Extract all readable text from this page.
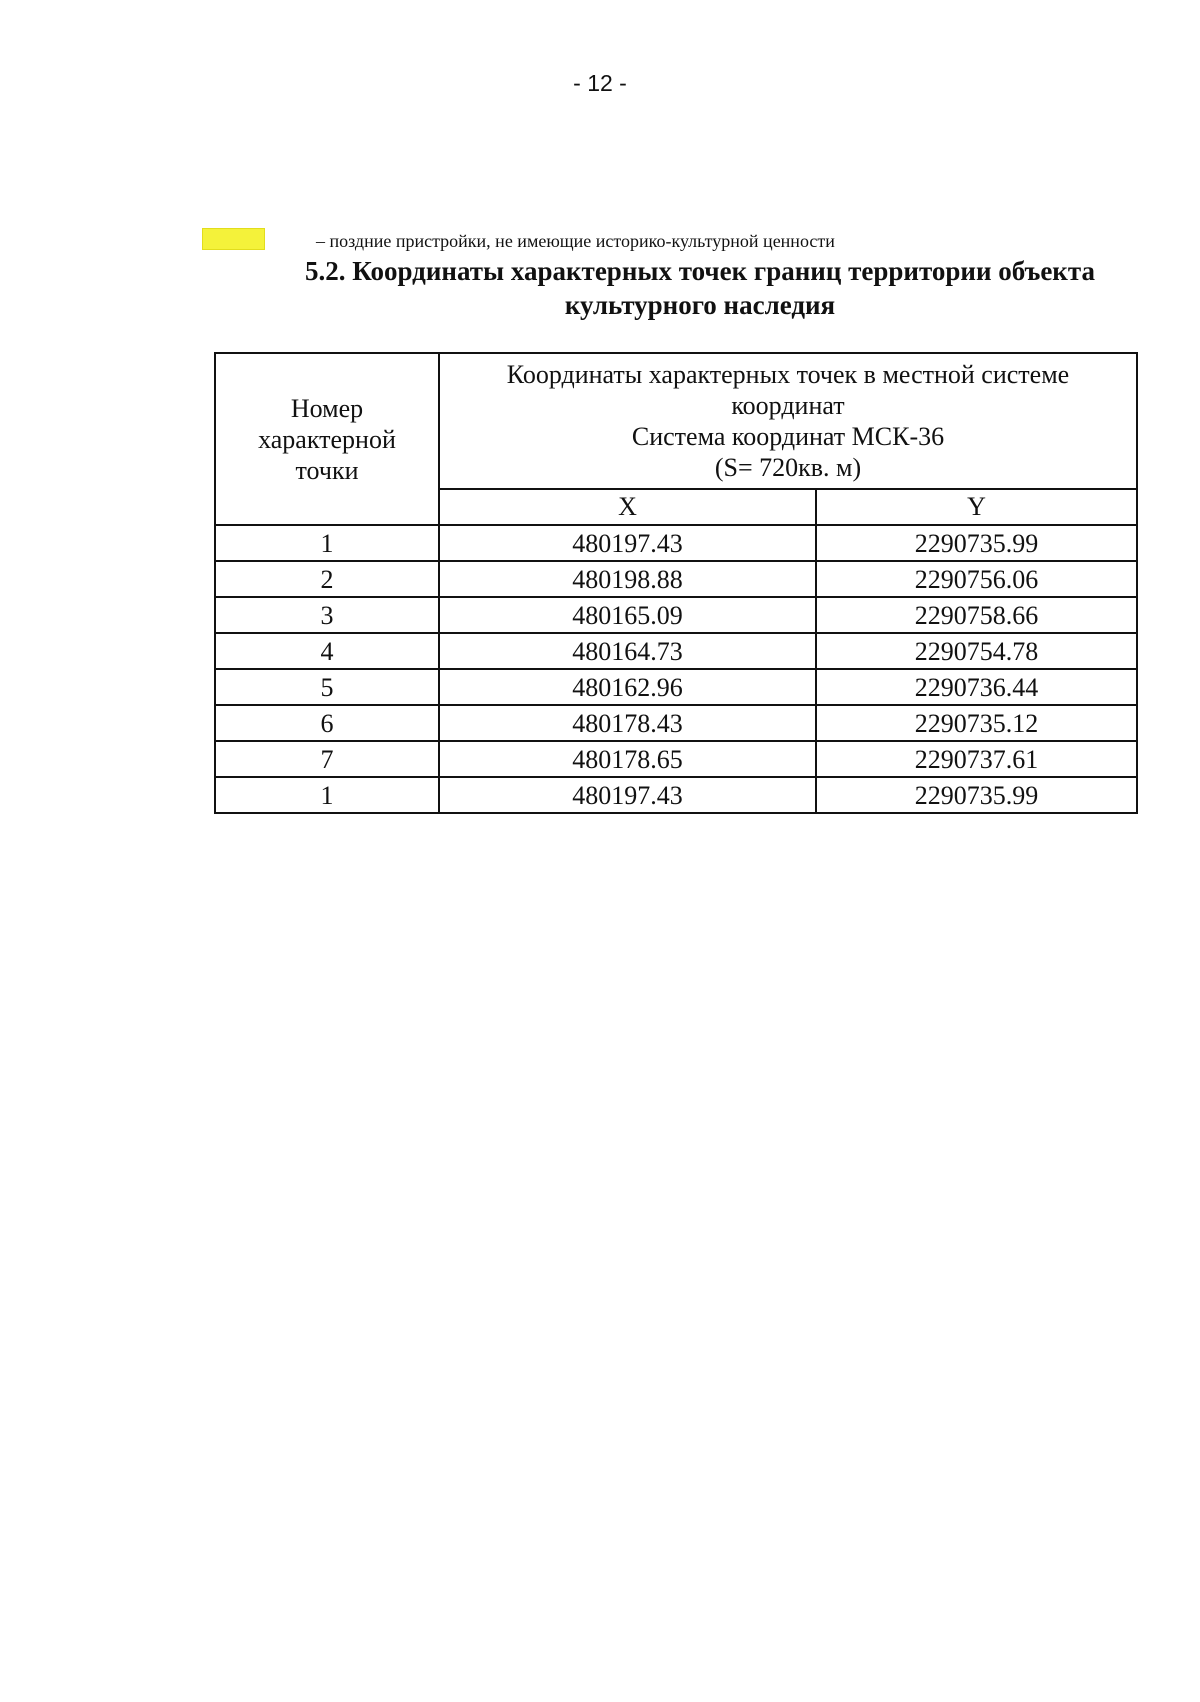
- 12 -
– поздние пристройки, не имеющие историко-культурной ценности
5.2. Координаты характерных точек границ территории объекта
культурного наследия
Номер
характерной
точки	Координаты характерных точек в местной системе
координат
Система координат МСК-36
(S= 720кв. м)	

	X	Y
1	480197.43	2290735.99
2	480198.88	2290756.06
3	480165.09	2290758.66
4	480164.73	2290754.78
5	480162.96	2290736.44
6	480178.43	2290735.12
7	480178.65	2290737.61
1	480197.43	2290735.99
